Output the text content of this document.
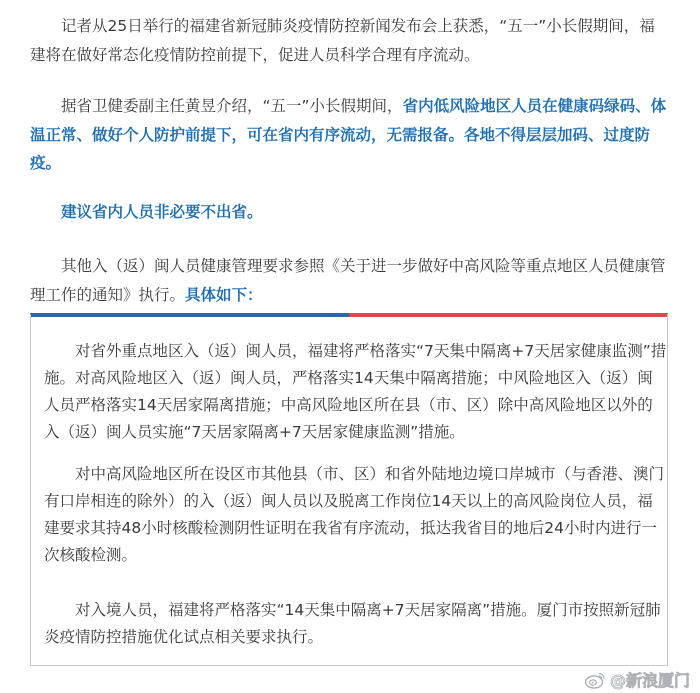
记者从25日举行的福建省新冠肺炎疫情防控新闻发布会上获悉，“五一”小长假期间，福建将在做好常态化疫情防控前提下，促进人员科学合理有序流动。

据省卫健委副主任黄昱介绍，“五一”小长假期间，省内低风险地区人员在健康码绿码、体温正常、做好个人防护前提下，可在省内有序流动，无需报备。各地不得层层加码、过度防疫。

建议省内人员非必要不出省。

其他入（返）闽人员健康管理要求参照《关于进一步做好中高风险等重点地区人员健康管理工作的通知》执行。具体如下：

对省外重点地区入（返）闽人员，福建将严格落实“7天集中隔离+7天居家健康监测”措施。对高风险地区入（返）闽人员，严格落实14天集中隔离措施；中风险地区入（返）闽人员严格落实14天居家隔离措施；中高风险地区所在县（市、区）除中高风险地区以外的入（返）闽人员实施“7天居家隔离+7天居家健康监测”措施。

对中高风险地区所在设区市其他县（市、区）和省外陆地边境口岸城市（与香港、澳门有口岸相连的除外）的入（返）闽人员以及脱离工作岗位14天以上的高风险岗位人员，福建要求其持48小时核酸检测阴性证明在我省有序流动，抵达我省目的地后24小时内进行一次核酸检测。

对入境人员，福建将严格落实“14天集中隔离+7天居家隔离”措施。厦门市按照新冠肺炎疫情防控措施优化试点相关要求执行。

@新浪厦门
